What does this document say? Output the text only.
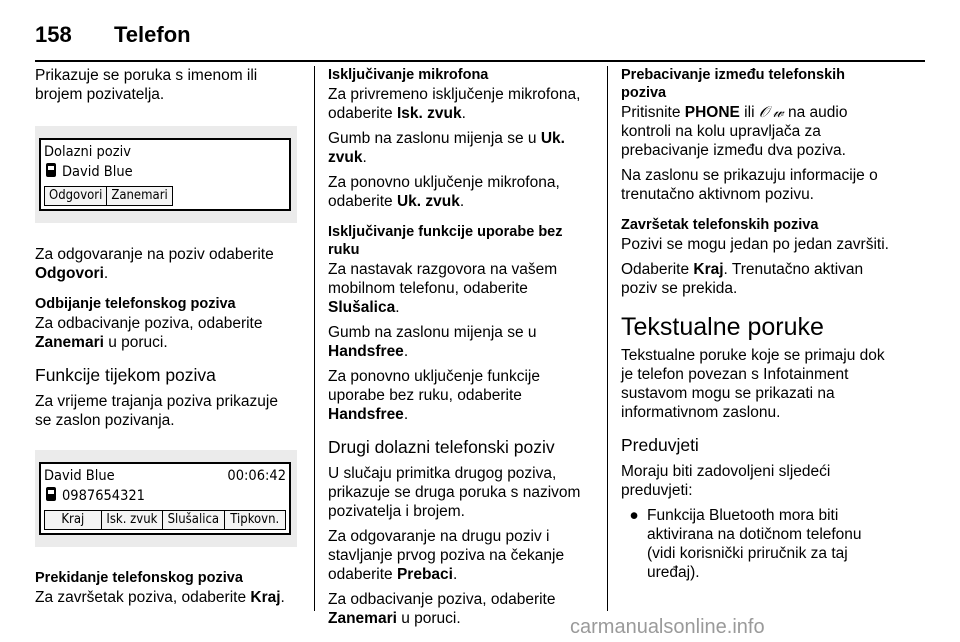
158 Telefon

Prikazuje se poruka s imenom ili brojem pozivatelja.

Dolazni poziv
David Blue
Odgovori Zanemari

Za odgovaranje na poziv odaberite Odgovori.

Odbijanje telefonskog poziva

Za odbacivanje poziva, odaberite Zanemari u poruci.

Funkcije tijekom poziva

Za vrijeme trajanja poziva prikazuje se zaslon pozivanja.

David Blue	00:06:42
0987654321
Kraj	Isk. zvuk Slušalica Tipkovn.
Prekidanje telefonskog poziva

Za završetak poziva, odaberite Kraj.

Isključivanje mikrofona

Za privremeno isključenje mikrofona, odaberite Isk. zvuk.

Gumb na zaslonu mijenja se u Uk. zvuk.

Za ponovno uključenje mikrofona, odaberite Uk. zvuk.

Isključivanje funkcije uporabe bez ruku

Za nastavak razgovora na vašem mobilnom telefonu, odaberite Slušalica.

Gumb na zaslonu mijenja se u Handsfree.

Za ponovno uključenje funkcije uporabe bez ruku, odaberite Handsfree.

Drugi dolazni telefonski poziv

U slučaju primitka drugog poziva, prikazuje se druga poruka s nazivom pozivatelja i brojem.

Za odgovaranje na drugu poziv i stavljanje prvog poziva na čekanje odaberite Prebaci.

Za odbacivanje poziva, odaberite Zanemari u poruci.

Prebacivanje između telefonskih poziva

Pritisnite PHONE ili 𝒪 𝓌 na audio kontroli na kolu upravljača za prebacivanje između dva poziva.

Na zaslonu se prikazuju informacije o trenutačno aktivnom pozivu.

Završetak telefonskih poziva

Pozivi se mogu jedan po jedan završiti.

Odaberite Kraj. Trenutačno aktivan poziv se prekida.

Tekstualne poruke

Tekstualne poruke koje se primaju dok je telefon povezan s Infotainment sustavom mogu se prikazati na informativnom zaslonu.

Preduvjeti

Moraju biti zadovoljeni sljedeći preduvjeti:

● Funkcija Bluetooth mora biti aktivirana na dotičnom telefonu (vidi korisnički priručnik za taj uređaj).
carmanualsonline.info
